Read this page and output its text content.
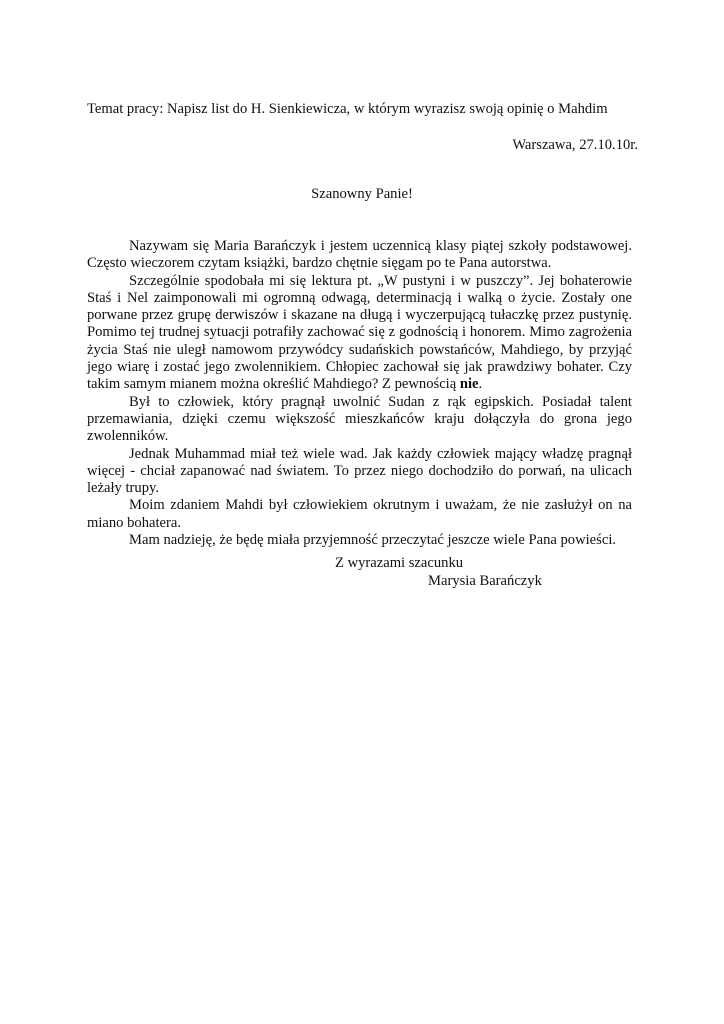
Temat pracy: Napisz list do H. Sienkiewicza, w którym wyrazisz swoją opinię o Mahdim
Warszawa, 27.10.10r.
Szanowny Panie!
Nazywam się Maria Barańczyk i jestem uczennicą klasy piątej szkoły podstawowej.
Często wieczorem czytam książki, bardzo chętnie sięgam po te Pana autorstwa.
Szczególnie spodobała mi się lektura pt. „W pustyni i w puszczy”. Jej bohaterowie
Staś i Nel zaimponowali mi ogromną odwagą, determinacją i walką o życie. Zostały one
porwane przez grupę derwiszów i skazane na długą i wyczerpującą tułaczkę przez pustynię.
Pomimo tej trudnej sytuacji potrafiły zachować się z godnością i honorem. Mimo zagrożenia
życia Staś nie uległ namowom przywódcy sudańskich powstańców, Mahdiego, by przyjąć
jego wiarę i zostać jego zwolennikiem. Chłopiec zachował się jak prawdziwy bohater. Czy
takim samym mianem można określić Mahdiego? Z pewnością nie.
Był to człowiek, który pragnął uwolnić Sudan z rąk egipskich. Posiadał talent
przemawiania, dzięki czemu większość mieszkańców kraju dołączyła do grona jego
zwolenników.
Jednak Muhammad miał też wiele wad. Jak każdy człowiek mający władzę pragnął
więcej - chciał zapanować nad światem. To przez niego dochodziło do porwań, na ulicach
leżały trupy.
Moim zdaniem Mahdi był człowiekiem okrutnym i uważam, że nie zasłużył on na
miano bohatera.
Mam nadzieję, że będę miała przyjemność przeczytać jeszcze wiele Pana powieści.
Z wyrazami szacunku
Marysia Barańczyk
